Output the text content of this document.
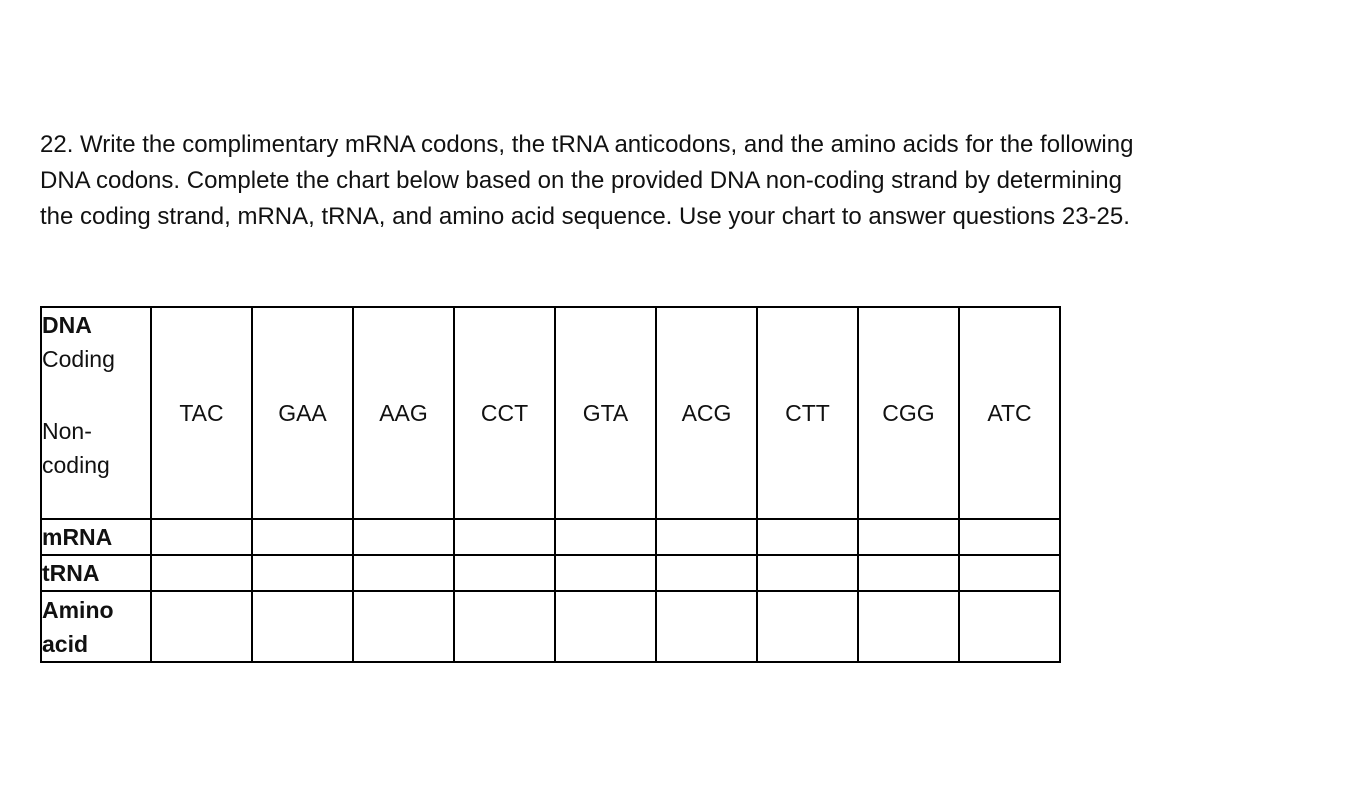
22. Write the complimentary mRNA codons, the tRNA anticodons, and the amino acids for the following
DNA codons. Complete the chart below based on the provided DNA non-coding strand by determining
the coding strand, mRNA, tRNA, and amino acid sequence. Use your chart to answer questions 23-25.
DNA
Coding
Non-
coding	TAC	GAA	AAG	CCT	GTA	ACG	CTT	CGG	ATC
mRNA									
tRNA									
Amino
acid									
